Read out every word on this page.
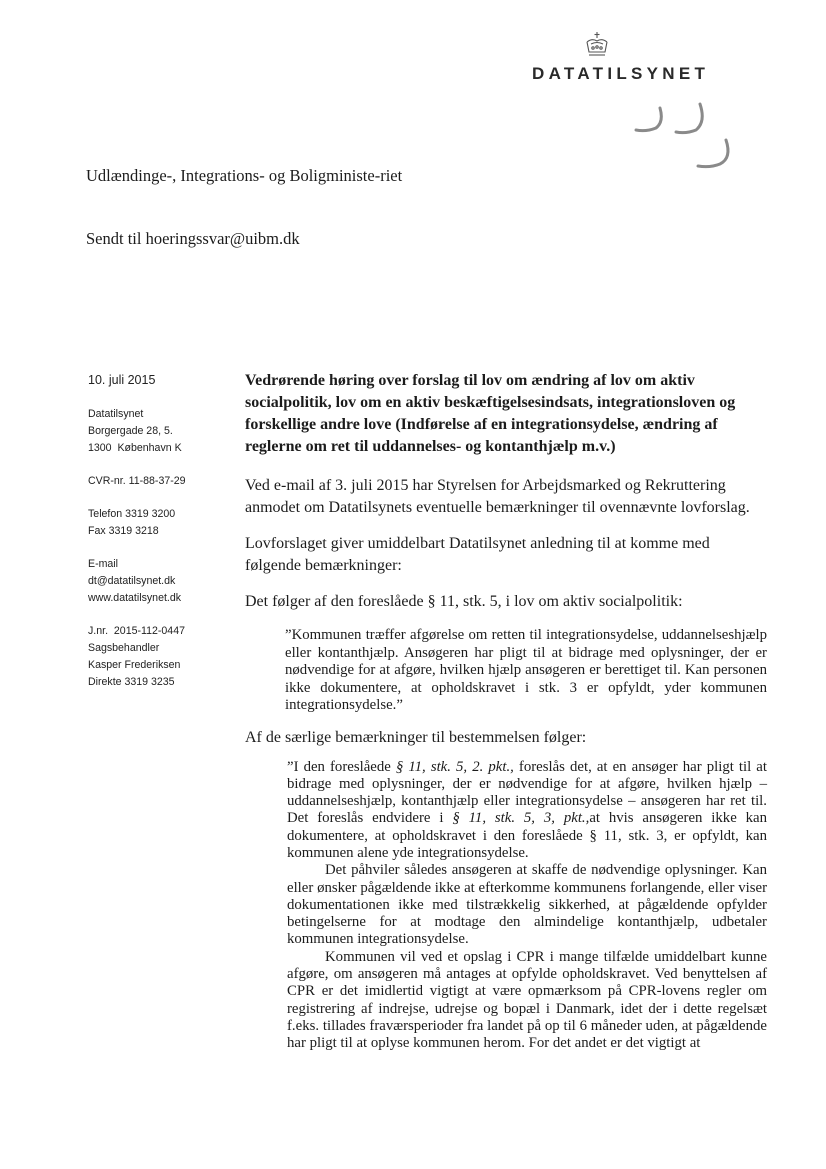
DATATILSYNET
Udlændinge-, Integrations- og Boligministe-riet
Sendt til hoeringssvar@uibm.dk
10. juli 2015
Datatilsynet
Borgergade 28, 5.
1300  København K
CVR-nr. 11-88-37-29
Telefon 3319 3200
Fax 3319 3218
E-mail
dt@datatilsynet.dk
www.datatilsynet.dk
J.nr.  2015-112-0447
Sagsbehandler
Kasper Frederiksen
Direkte 3319 3235

Vedrørende høring over forslag til lov om ændring af lov om aktiv socialpolitik, lov om en aktiv beskæftigelsesindsats, integrationsloven og forskellige andre love (Indførelse af en integrationsydelse, ændring af reglerne om ret til uddannelses- og kontanthjælp m.v.)

Ved e-mail af 3. juli 2015 har Styrelsen for Arbejdsmarked og Rekruttering anmodet om Datatilsynets eventuelle bemærkninger til ovennævnte lovforslag.

Lovforslaget giver umiddelbart Datatilsynet anledning til at komme med følgende bemærkninger:

Det følger af den foreslåede § 11, stk. 5, i lov om aktiv socialpolitik:

”Kommunen træffer afgørelse om retten til integrationsydelse, uddannelseshjælp eller kontanthjælp. Ansøgeren har pligt til at bidrage med oplysninger, der er nødvendige for at afgøre, hvilken hjælp ansøgeren er berettiget til. Kan personen ikke dokumentere, at opholdskravet i stk. 3 er opfyldt, yder kommunen integrationsydelse.”

Af de særlige bemærkninger til bestemmelsen følger:

”I den foreslåede § 11, stk. 5, 2. pkt., foreslås det, at en ansøger har pligt til at bidrage med oplysninger, der er nødvendige for at afgøre, hvilken hjælp – uddannelseshjælp, kontanthjælp eller integrationsydelse – ansøgeren har ret til. Det foreslås endvidere i § 11, stk. 5, 3, pkt.,at hvis ansøgeren ikke kan dokumentere, at opholdskravet i den foreslåede § 11, stk. 3, er opfyldt, kan kommunen alene yde integrationsydelse.
Det påhviler således ansøgeren at skaffe de nødvendige oplysninger. Kan eller ønsker pågældende ikke at efterkomme kommunens forlangende, eller viser dokumentationen ikke med tilstrækkelig sikkerhed, at pågældende opfylder betingelserne for at modtage den almindelige kontanthjælp, udbetaler kommunen integrationsydelse.
Kommunen vil ved et opslag i CPR i mange tilfælde umiddelbart kunne afgøre, om ansøgeren må antages at opfylde opholdskravet. Ved benyttelsen af CPR er det imidlertid vigtigt at være opmærksom på CPR-lovens regler om registrering af indrejse, udrejse og bopæl i Danmark, idet der i dette regelsæt f.eks. tillades fraværsperioder fra landet på op til 6 måneder uden, at pågældende har pligt til at oplyse kommunen herom. For det andet er det vigtigt at
